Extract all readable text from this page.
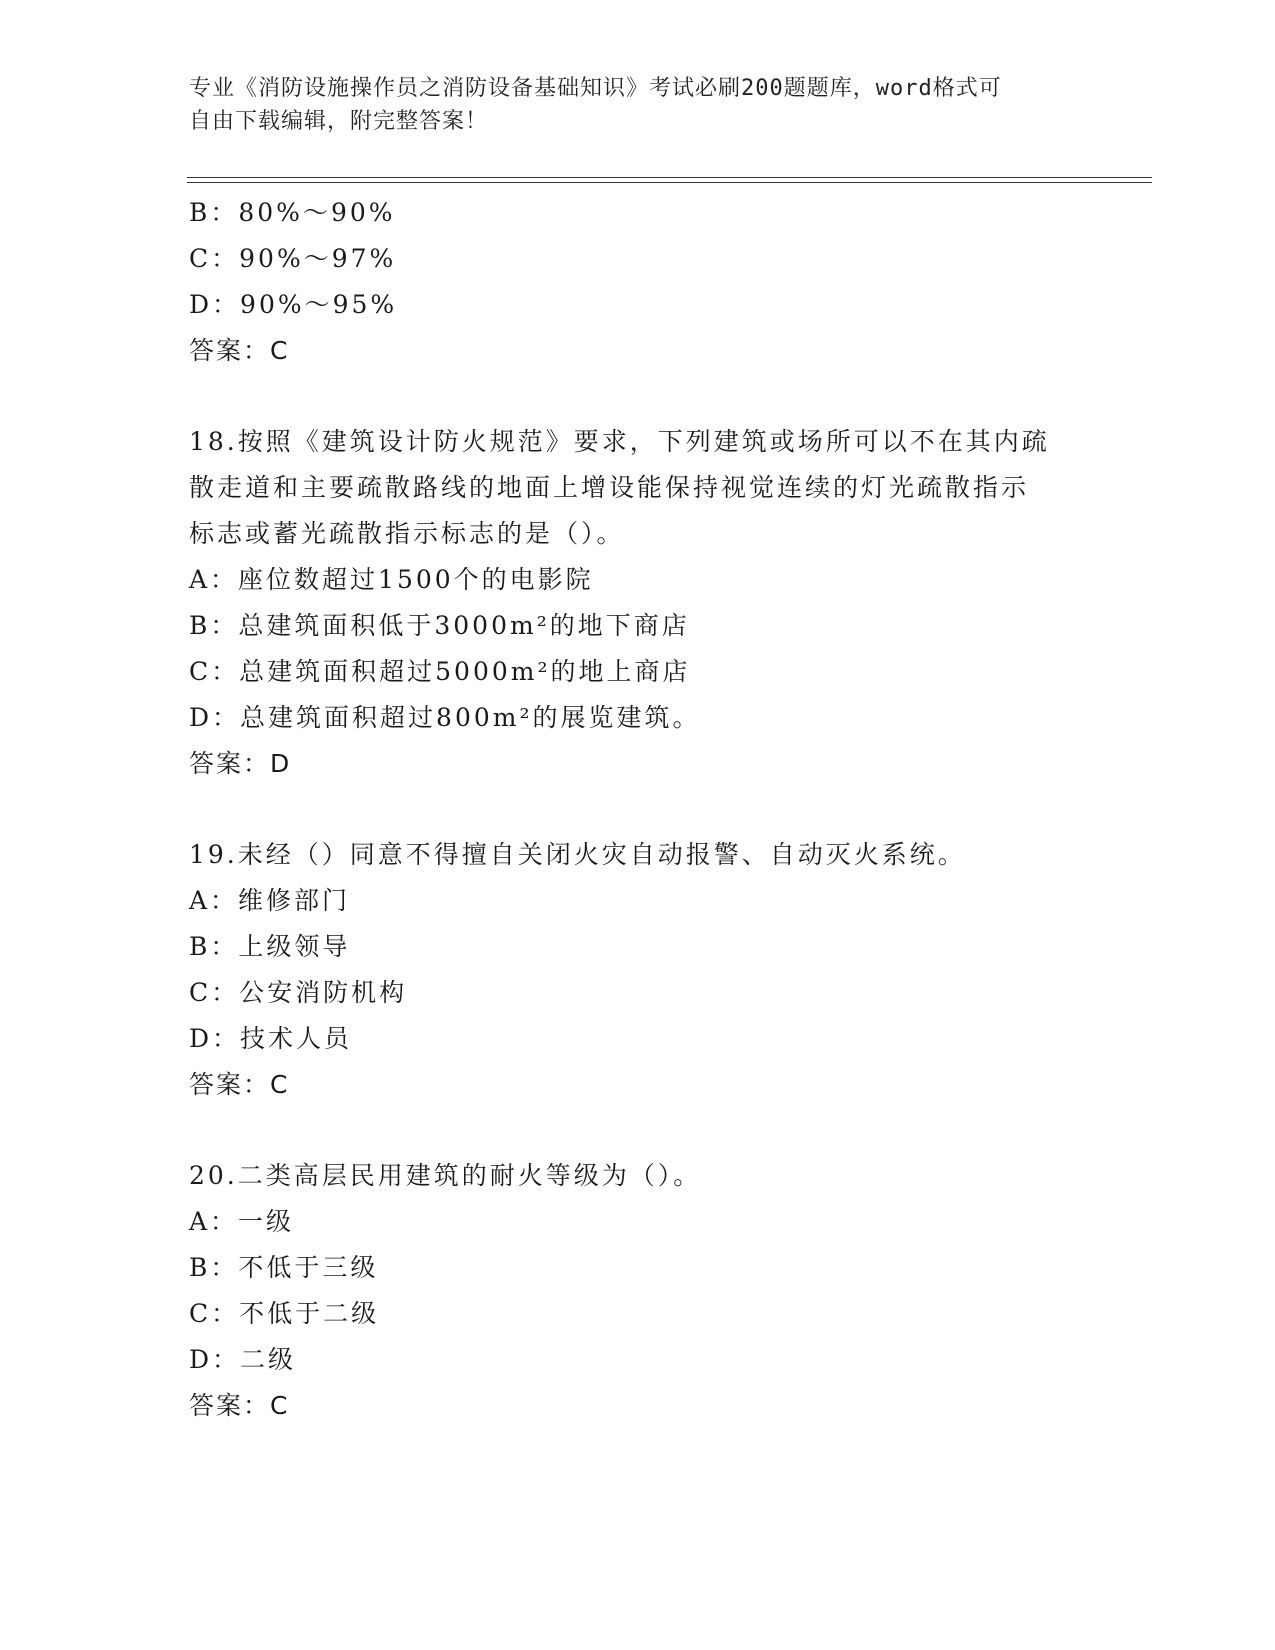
专业《消防设施操作员之消防设备基础知识》考试必刷200题题库，word格式可
自由下载编辑，附完整答案！
B：80%～90%
C：90%～97%
D：90%～95%
答案：C
18.按照《建筑设计防火规范》要求，下列建筑或场所可以不在其内疏
散走道和主要疏散路线的地面上增设能保持视觉连续的灯光疏散指示
标志或蓄光疏散指示标志的是（）。
A：座位数超过1500个的电影院
B：总建筑面积低于3000m²的地下商店
C：总建筑面积超过5000m²的地上商店
D：总建筑面积超过800m²的展览建筑。
答案：D
19.未经（）同意不得擅自关闭火灾自动报警、自动灭火系统。
A：维修部门
B：上级领导
C：公安消防机构
D：技术人员
答案：C
20.二类高层民用建筑的耐火等级为（）。
A：一级
B：不低于三级
C：不低于二级
D：二级
答案：C
